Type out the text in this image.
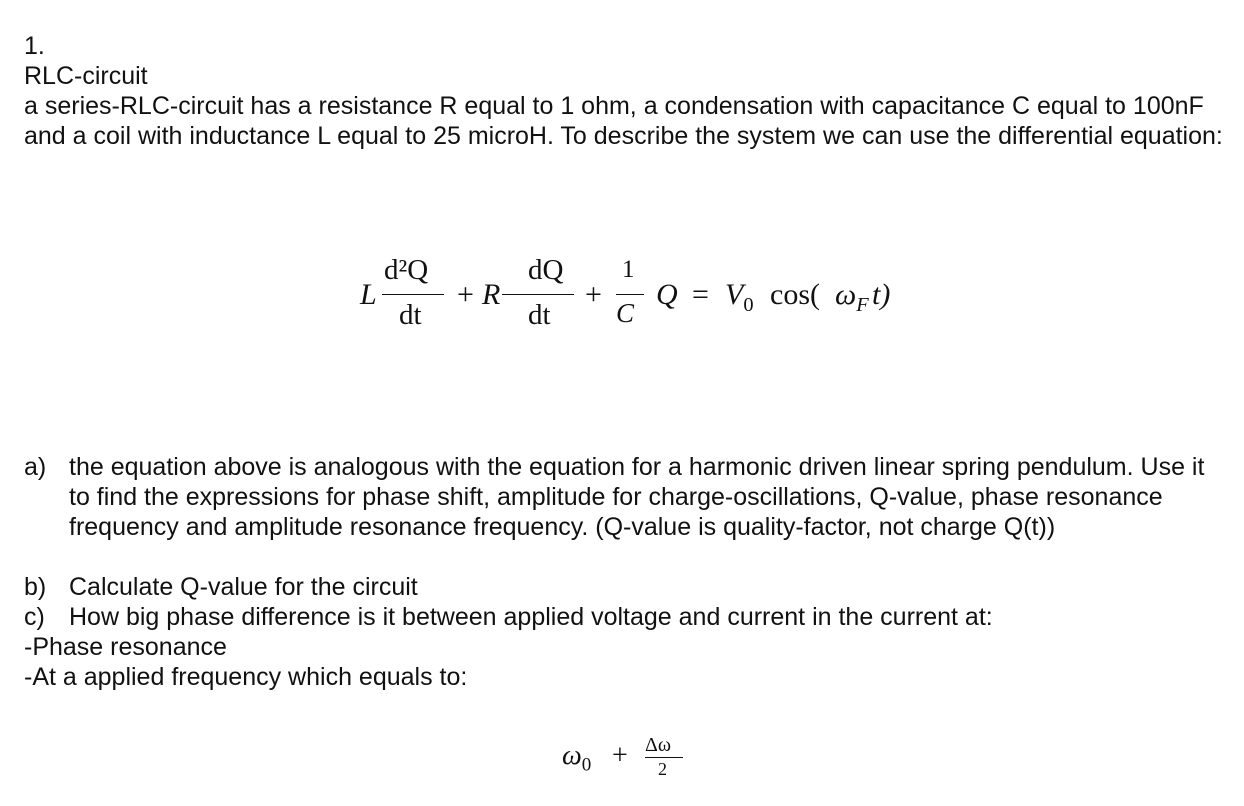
1.
RLC-circuit
a series-RLC-circuit has a resistance R equal to 1 ohm, a condensation with capacitance C equal to 100nF and a coil with inductance L equal to 25 microH. To describe the system we can use the differential equation:
L
d²Q
dt
+ R
dQ
dt
+
1
C
$Q = V_0$ cos( $\omega_F$ t)
a) the equation above is analogous with the equation for a harmonic driven linear spring pendulum. Use it to find the expressions for phase shift, amplitude for charge-oscillations, Q-value, phase resonance frequency and amplitude resonance frequency. (Q-value is quality-factor, not charge Q(t))
b) Calculate Q-value for the circuit
c) How big phase difference is it between applied voltage and current in the current at:
-Phase resonance
-At a applied frequency which equals to:
$\omega_0 + \Delta\omega$
2
